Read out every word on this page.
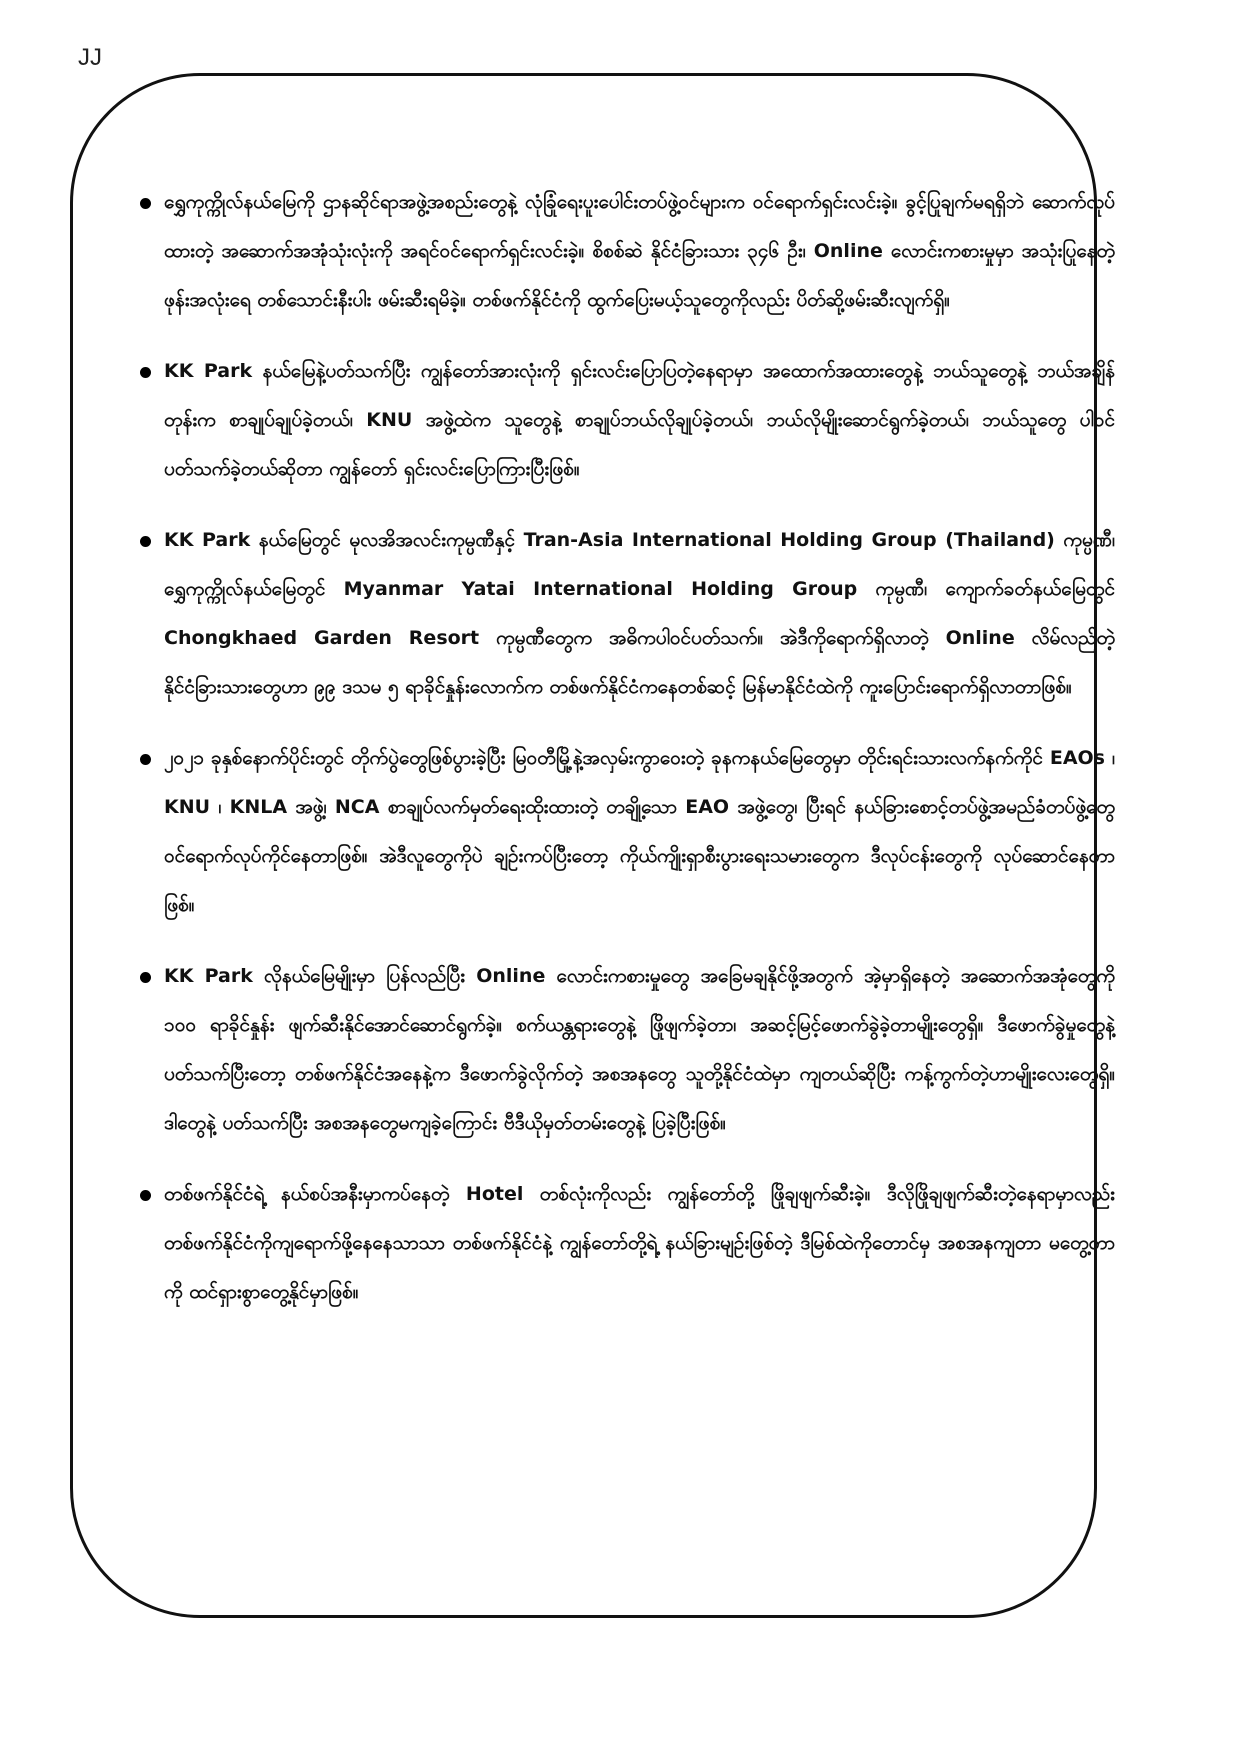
JJ
ရွှေကုက္ကိုလ်နယ်မြေကို ဌာနဆိုင်ရာအဖွဲ့အစည်းတွေနဲ့ လုံခြုံရေးပူးပေါင်းတပ်ဖွဲ့ဝင်များက ဝင်ရောက်ရှင်းလင်းခဲ့။ ခွင့်ပြုချက်မရရှိဘဲ ဆောက်လုပ်ထားတဲ့ အဆောက်အအုံသုံးလုံးကို အရင်ဝင်ရောက်ရှင်းလင်းခဲ့။ စိစစ်ဆဲ နိုင်ငံခြားသား ၃၄၆ ဦး၊ Online လောင်းကစားမှုမှာ အသုံးပြုနေတဲ့ ဖုန်းအလုံးရေ တစ်သောင်းနီးပါး ဖမ်းဆီးရမိခဲ့။ တစ်ဖက်နိုင်ငံကို ထွက်ပြေးမယ့်သူတွေကိုလည်း ပိတ်ဆို့ဖမ်းဆီးလျက်ရှိ။
KK Park နယ်မြေနဲ့ပတ်သက်ပြီး ကျွန်တော်အားလုံးကို ရှင်းလင်းပြောပြတဲ့နေရာမှာ အထောက်အထားတွေနဲ့ ဘယ်သူတွေနဲ့ ဘယ်အချိန်တုန်းက စာချုပ်ချုပ်ခဲ့တယ်၊ KNU အဖွဲ့ထဲက သူတွေနဲ့ စာချုပ်ဘယ်လိုချုပ်ခဲ့တယ်၊ ဘယ်လိုမျိုးဆောင်ရွက်ခဲ့တယ်၊ ဘယ်သူတွေ ပါဝင်ပတ်သက်ခဲ့တယ်ဆိုတာ ကျွန်တော် ရှင်းလင်းပြောကြားပြီးဖြစ်။
KK Park နယ်မြေတွင် မုလအိအလင်းကုမ္ပဏီနှင့် Tran-Asia International Holding Group (Thailand) ကုမ္ပဏီ၊ ရွှေကုက္ကိုလ်နယ်မြေတွင် Myanmar Yatai International Holding Group ကုမ္ပဏီ၊ ကျောက်ခတ်နယ်မြေတွင် Chongkhaed Garden Resort ကုမ္ပဏီတွေက အဓိကပါဝင်ပတ်သက်။ အဲဒီကိုရောက်ရှိလာတဲ့ Online လိမ်လည်တဲ့ နိုင်ငံခြားသားတွေဟာ ၉၉ ဒသမ ၅ ရာခိုင်နှုန်းလောက်က တစ်ဖက်နိုင်ငံကနေတစ်ဆင့် မြန်မာနိုင်ငံထဲကို ကူးပြောင်းရောက်ရှိလာတာဖြစ်။
၂၀၂၁ ခုနှစ်နောက်ပိုင်းတွင် တိုက်ပွဲတွေဖြစ်ပွားခဲ့ပြီး မြဝတီမြို့နဲ့အလှမ်းကွာဝေးတဲ့ ခုနကနယ်မြေတွေမှာ တိုင်းရင်းသားလက်နက်ကိုင် EAOs ၊ KNU ၊ KNLA အဖွဲ့၊ NCA စာချုပ်လက်မှတ်ရေးထိုးထားတဲ့ တချို့သော EAO အဖွဲ့တွေ၊ ပြီးရင် နယ်ခြားစောင့်တပ်ဖွဲ့အမည်ခံတပ်ဖွဲ့တွေ ဝင်ရောက်လုပ်ကိုင်နေတာဖြစ်။ အဲဒီလူတွေကိုပဲ ချဉ်းကပ်ပြီးတော့ ကိုယ်ကျိုးရှာစီးပွားရေးသမားတွေက ဒီလုပ်ငန်းတွေကို လုပ်ဆောင်နေတာဖြစ်။
KK Park လိုနယ်မြေမျိုးမှာ ပြန်လည်ပြီး Online လောင်းကစားမှုတွေ အခြေမချနိုင်ဖို့အတွက် အဲ့မှာရှိနေတဲ့ အဆောက်အအုံတွေကို ၁၀၀ ရာခိုင်နှုန်း ဖျက်ဆီးနိုင်အောင်ဆောင်ရွက်ခဲ့။ စက်ယန္တရားတွေနဲ့ ဖြိုဖျက်ခဲ့တာ၊ အဆင့်မြင့်ဖောက်ခွဲခဲ့တာမျိုးတွေရှိ။ ဒီဖောက်ခွဲမှုတွေနဲ့ ပတ်သက်ပြီးတော့ တစ်ဖက်နိုင်ငံအနေနဲ့က ဒီဖောက်ခွဲလိုက်တဲ့ အစအနတွေ သူတို့နိုင်ငံထဲမှာ ကျတယ်ဆိုပြီး ကန့်ကွက်တဲ့ဟာမျိုးလေးတွေရှိ။ ဒါတွေနဲ့ ပတ်သက်ပြီး အစအနတွေမကျခဲ့ကြောင်း ဗီဒီယိုမှတ်တမ်းတွေနဲ့ ပြခဲ့ပြီးဖြစ်။
တစ်ဖက်နိုင်ငံရဲ့ နယ်စပ်အနီးမှာကပ်နေတဲ့ Hotel တစ်လုံးကိုလည်း ကျွန်တော်တို့ ဖြိုချဖျက်ဆီးခဲ့။ ဒီလိုဖြိုချဖျက်ဆီးတဲ့နေရာမှာလည်း တစ်ဖက်နိုင်ငံကိုကျရောက်ဖို့နေနေသာသာ တစ်ဖက်နိုင်ငံနဲ့ ကျွန်တော်တို့ရဲ့ နယ်ခြားမျဉ်းဖြစ်တဲ့ ဒီမြစ်ထဲကိုတောင်မှ အစအနကျတာ မတွေ့တာကို ထင်ရှားစွာတွေ့နိုင်မှာဖြစ်။
